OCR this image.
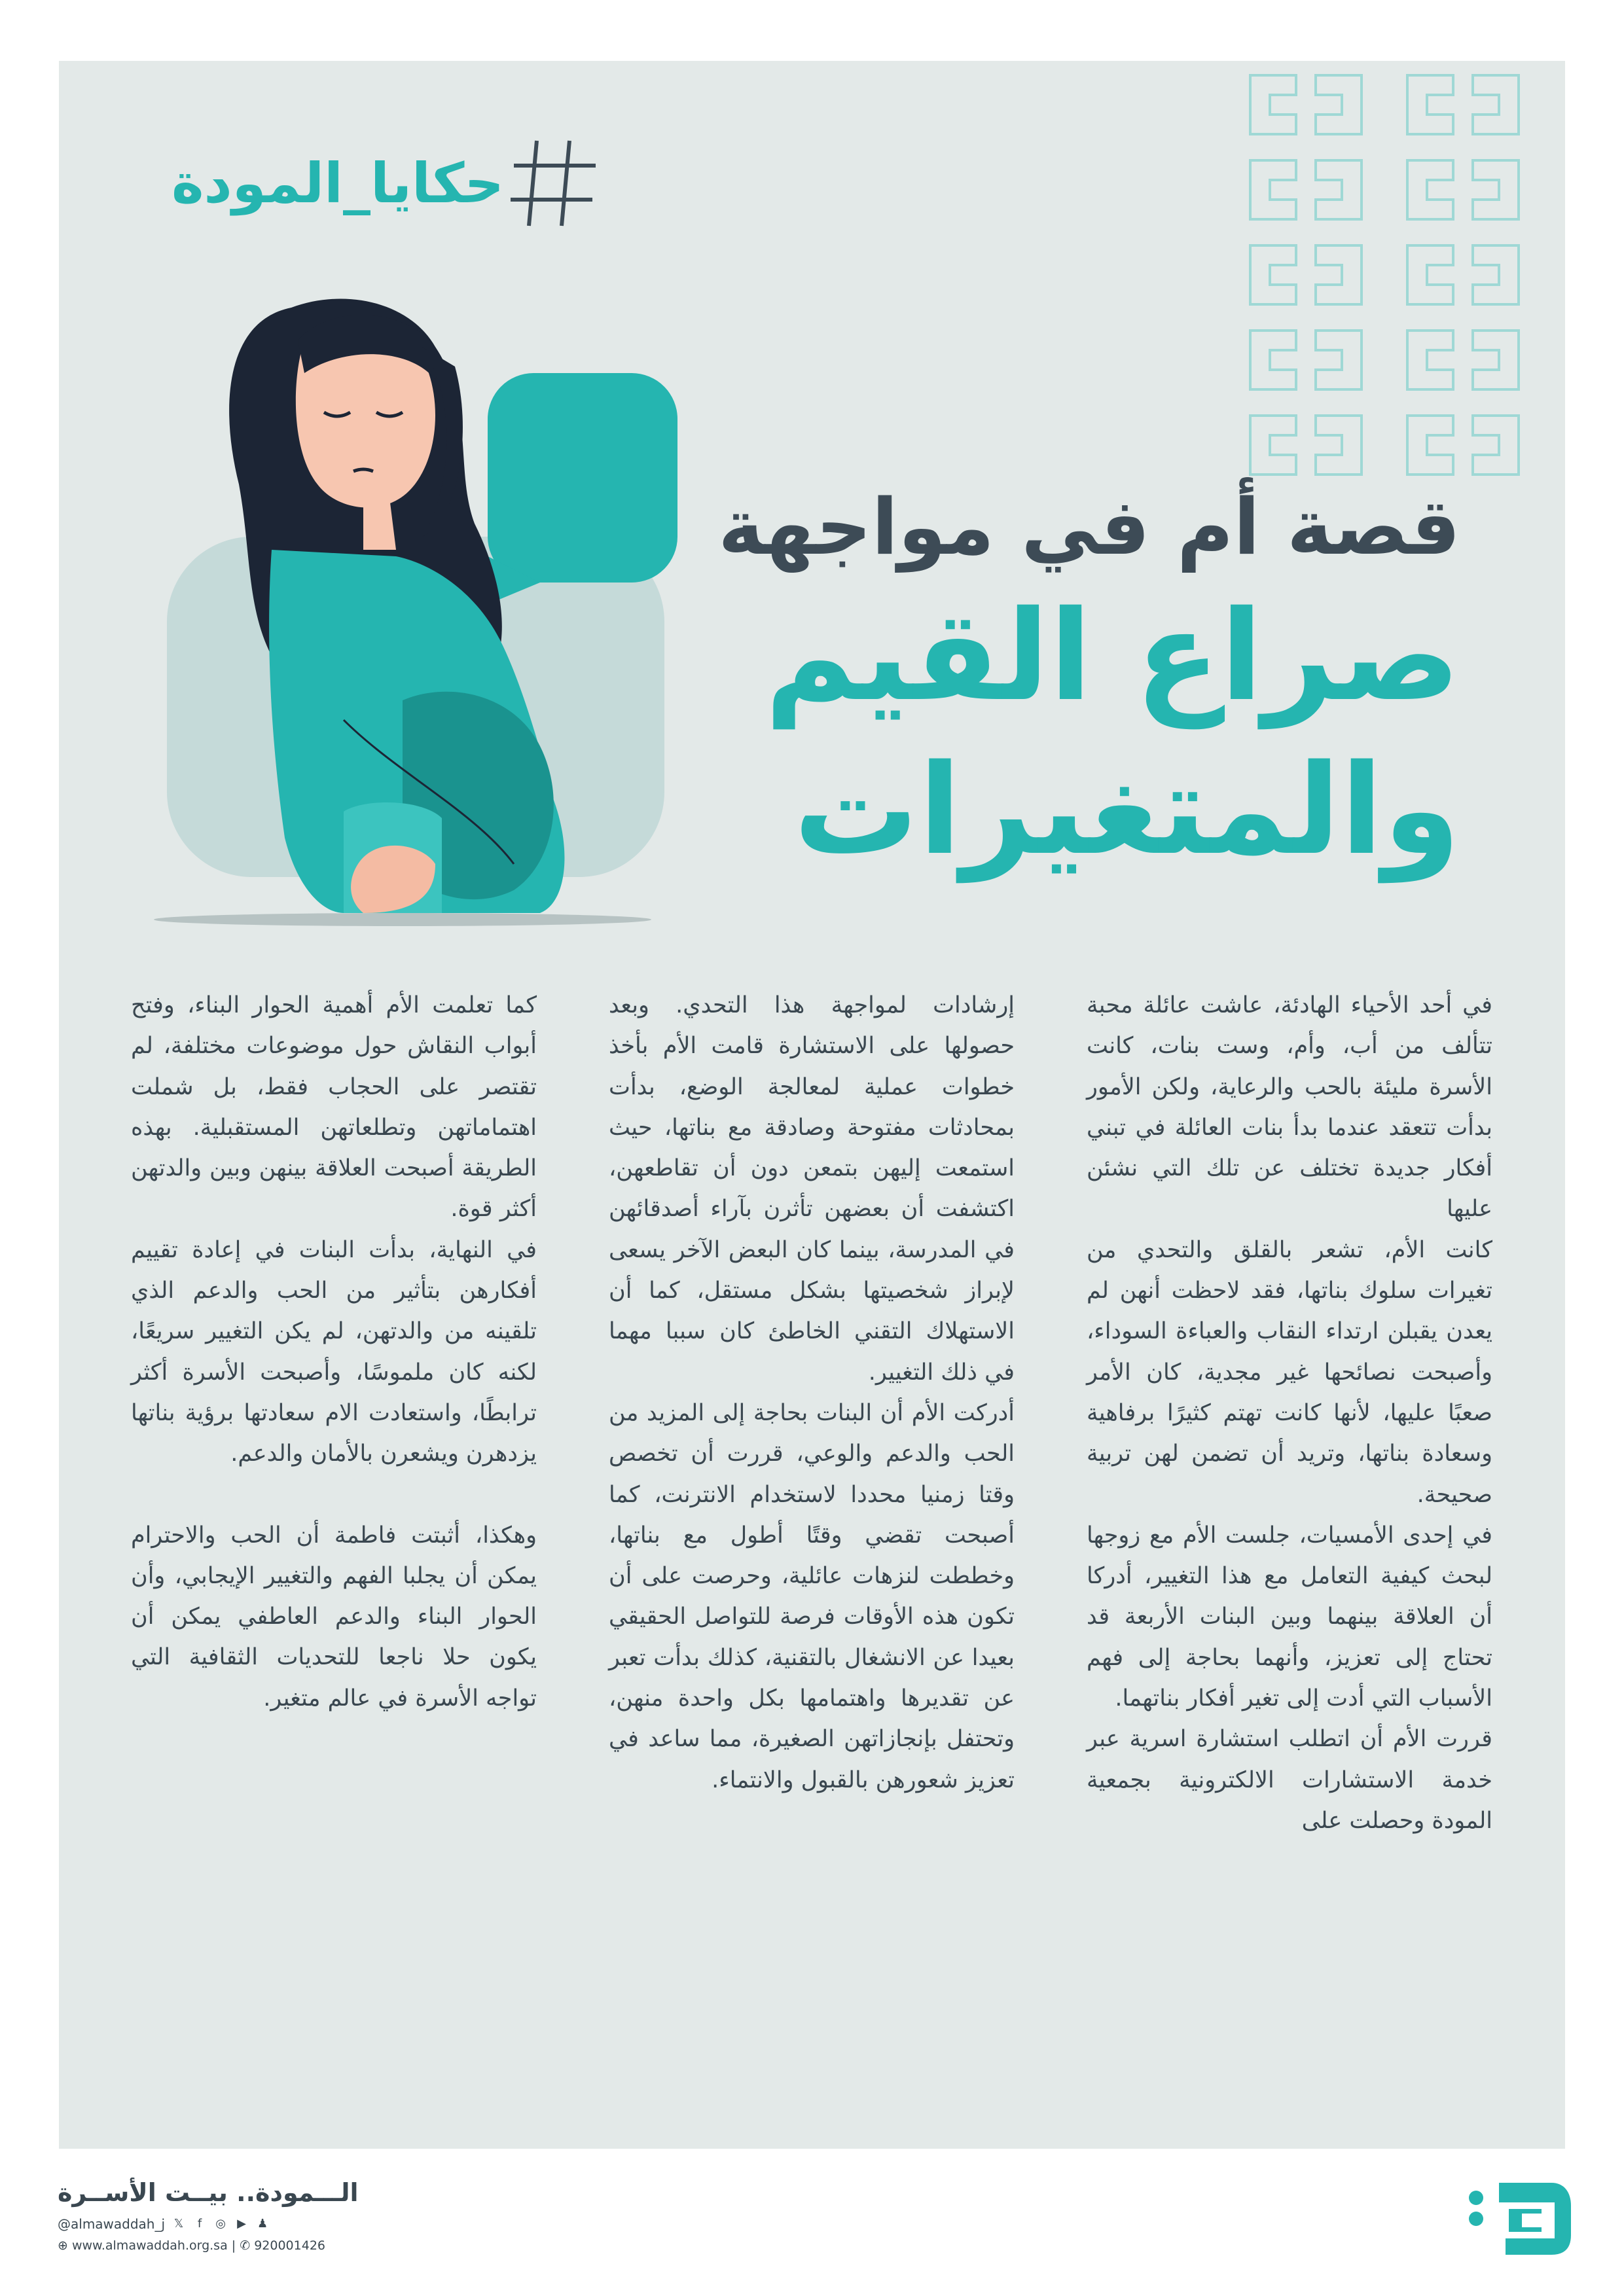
حكايا_المودة
قصة أم في مواجهة
صراع القيم
والمتغيرات

في أحد الأحياء الهادئة، عاشت عائلة محبة تتألف من أب، وأم، وست بنات، كانت الأسرة مليئة بالحب والرعاية، ولكن الأمور بدأت تتعقد عندما بدأ بنات العائلة في تبني أفكار جديدة تختلف عن تلك التي نشئن عليها

كانت الأم، تشعر بالقلق والتحدي من تغيرات سلوك بناتها، فقد لاحظت أنهن لم يعدن يقبلن ارتداء النقاب والعباءة السوداء، وأصبحت نصائحها غير مجدية، كان الأمر صعبًا عليها، لأنها كانت تهتم كثيرًا برفاهية وسعادة بناتها، وتريد أن تضمن لهن تربية صحيحة.

في إحدى الأمسيات، جلست الأم مع زوجها لبحث كيفية التعامل مع هذا التغيير، أدركا أن العلاقة بينهما وبين البنات الأربعة قد تحتاج إلى تعزيز، وأنهما بحاجة إلى فهم الأسباب التي أدت إلى تغير أفكار بناتهما.

قررت الأم أن اتطلب استشارة اسرية عبر خدمة الاستشارات الالكترونية بجمعية المودة وحصلت على

إرشادات لمواجهة هذا التحدي. وبعد حصولها على الاستشارة قامت الأم بأخذ خطوات عملية لمعالجة الوضع، بدأت بمحادثات مفتوحة وصادقة مع بناتها، حيث استمعت إليهن بتمعن دون أن تقاطعهن، اكتشفت أن بعضهن تأثرن بآراء أصدقائهن في المدرسة، بينما كان البعض الآخر يسعى لإبراز شخصيتها بشكل مستقل، كما أن الاستهلاك التقني الخاطئ كان سببا مهما في ذلك التغيير.

أدركت الأم أن البنات بحاجة إلى المزيد من الحب والدعم والوعي، قررت أن تخصص وقتا زمنيا محددا لاستخدام الانترنت، كما أصبحت تقضي وقتًا أطول مع بناتها، وخططت لنزهات عائلية، وحرصت على أن تكون هذه الأوقات فرصة للتواصل الحقيقي بعيدا عن الانشغال بالتقنية، كذلك بدأت تعبر عن تقديرها واهتمامها بكل واحدة منهن، وتحتفل بإنجازاتهن الصغيرة، مما ساعد في تعزيز شعورهن بالقبول والانتماء.

كما تعلمت الأم أهمية الحوار البناء، وفتح أبواب النقاش حول موضوعات مختلفة، لم تقتصر على الحجاب فقط، بل شملت اهتماماتهن وتطلعاتهن المستقبلية. بهذه الطريقة أصبحت العلاقة بينهن وبين والدتهن أكثر قوة.

في النهاية، بدأت البنات في إعادة تقييم أفكارهن بتأثير من الحب والدعم الذي تلقينه من والدتهن، لم يكن التغيير سريعًا، لكنه كان ملموسًا، وأصبحت الأسرة أكثر ترابطًا، واستعادت الام سعادتها برؤية بناتها يزدهرن ويشعرن بالأمان والدعم.

وهكذا، أثبتت فاطمة أن الحب والاحترام يمكن أن يجلبا الفهم والتغيير الإيجابي، وأن الحوار البناء والدعم العاطفي يمكن أن يكون حلا ناجعا للتحديات الثقافية التي تواجه الأسرة في عالم متغير.

الـــمودة.. بيــت الأســرة
@almawaddah_j 𝕏	f	◎ ▶ ♟
⊕ www.almawaddah.org.sa | ✆ 920001426
